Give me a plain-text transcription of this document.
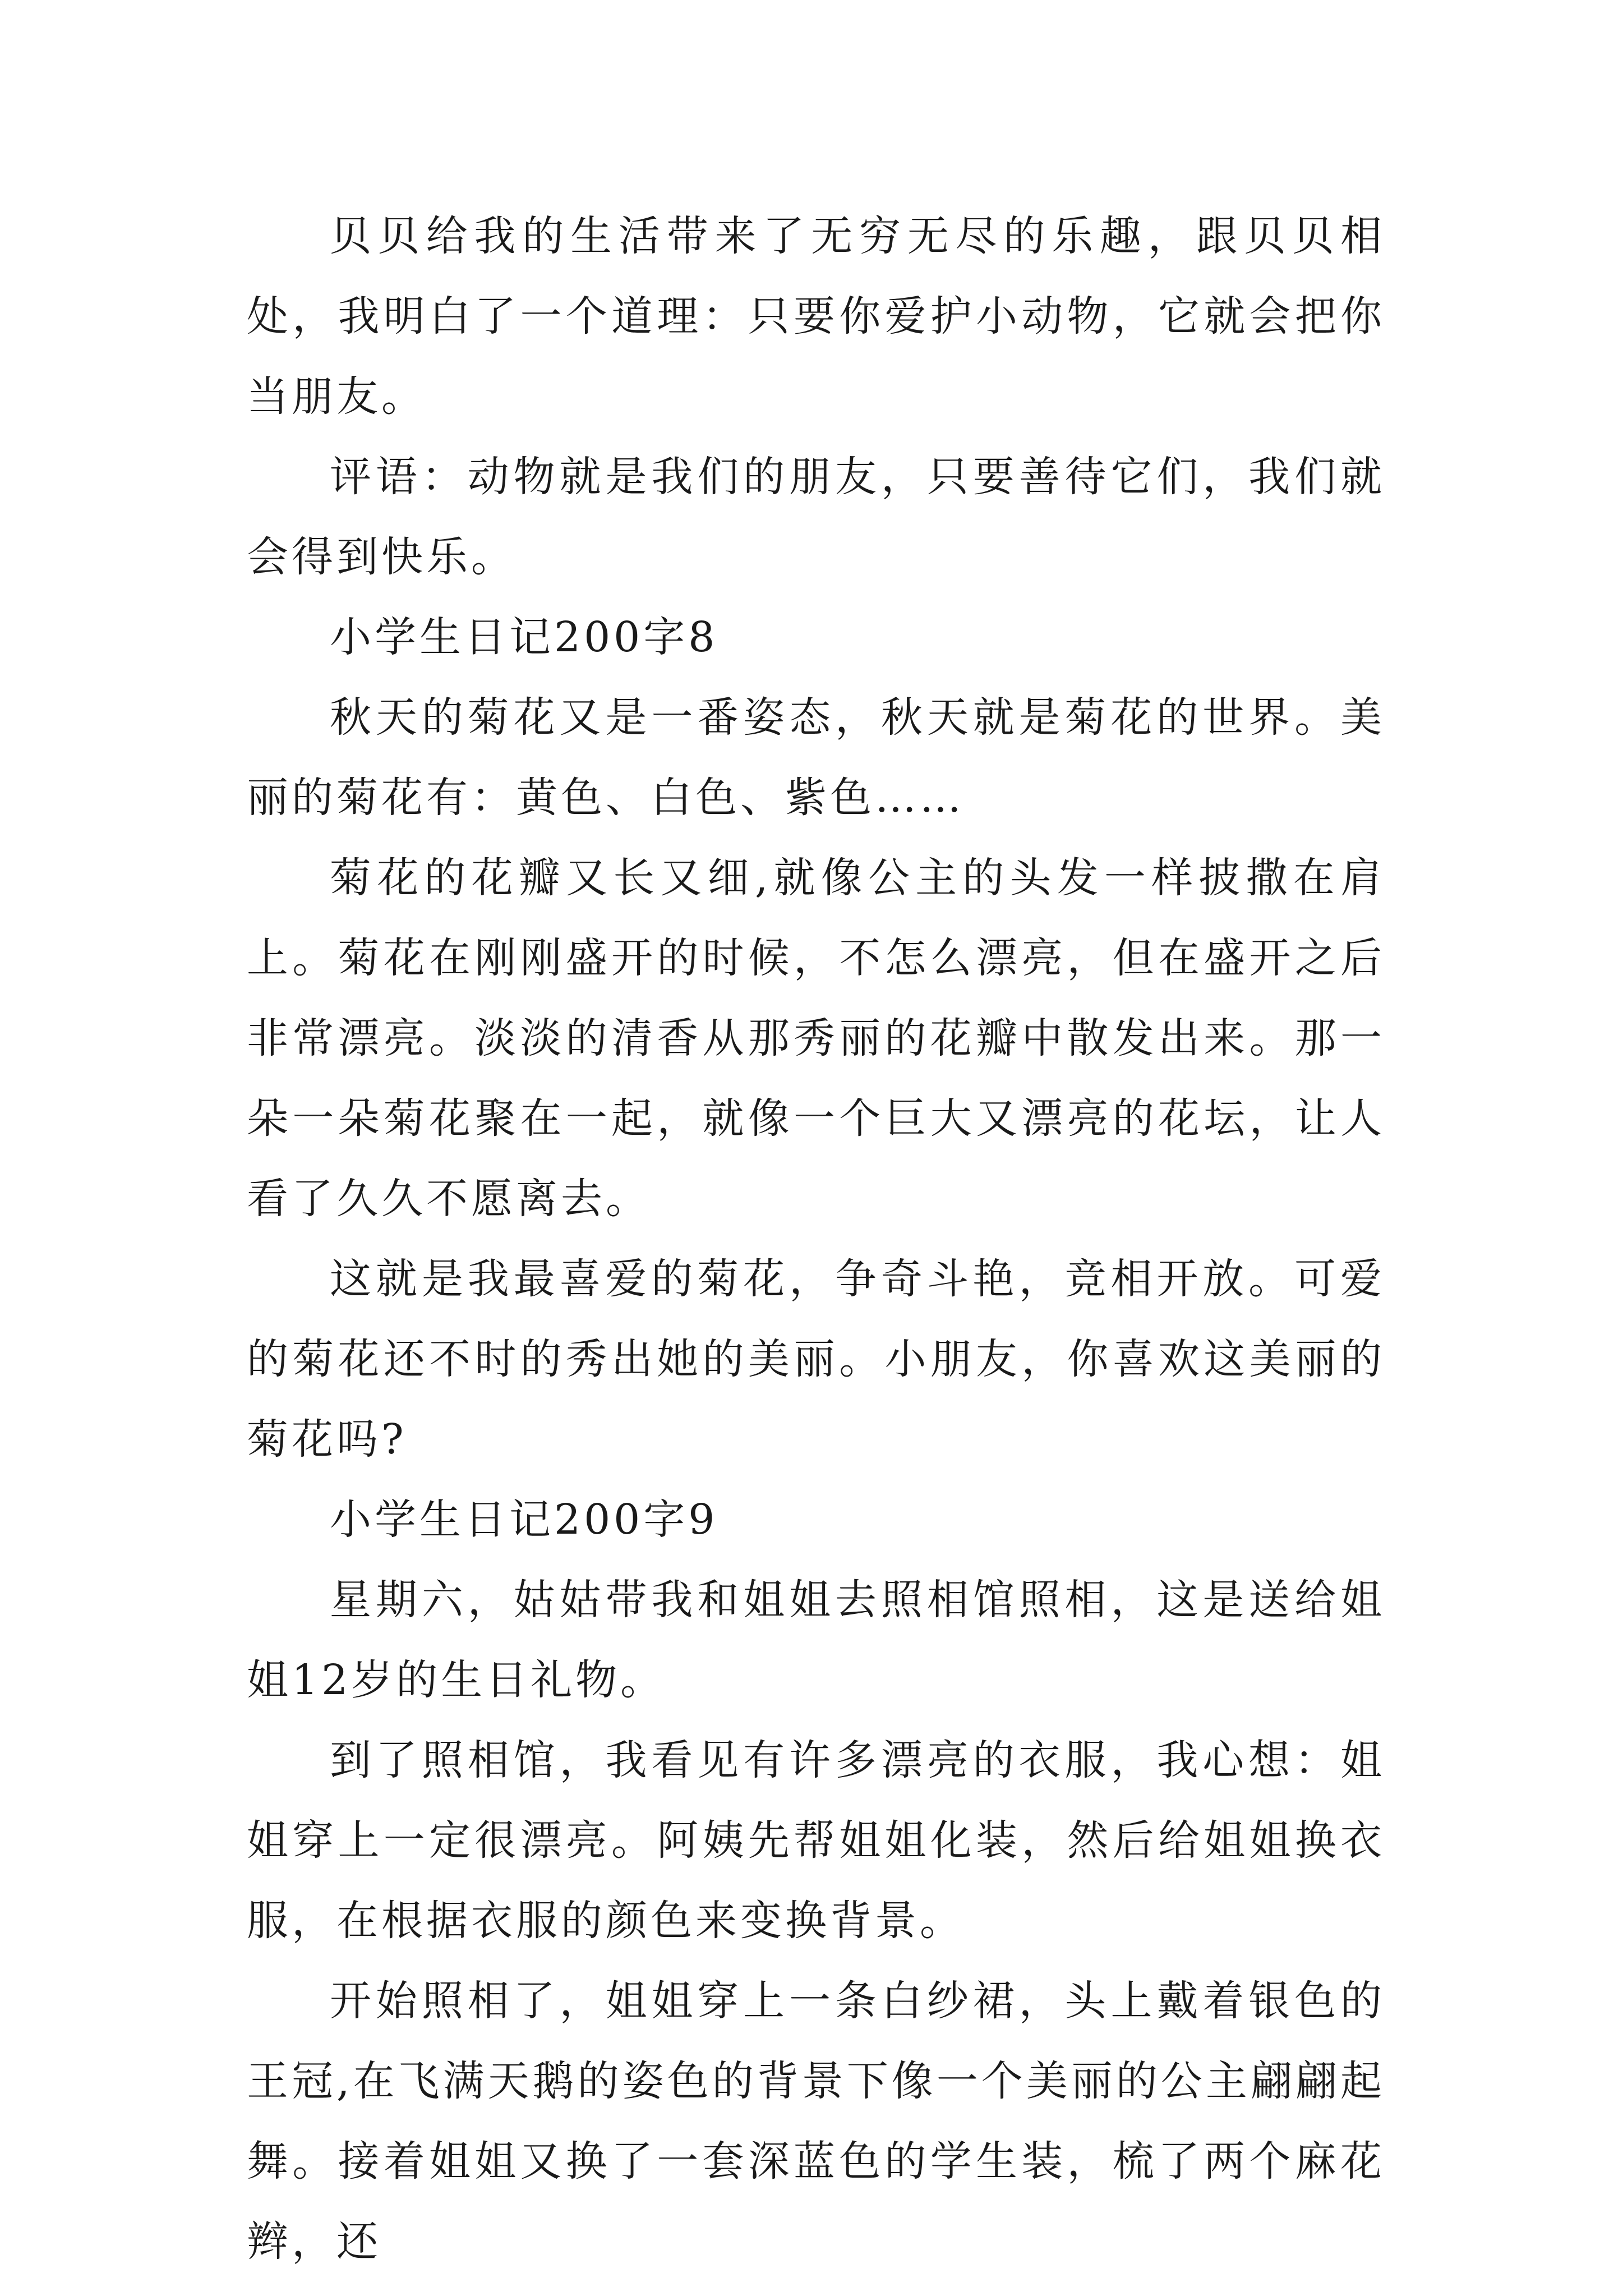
贝贝给我的生活带来了无穷无尽的乐趣，跟贝贝相处，我明白了一个道理：只要你爱护小动物，它就会把你当朋友。

评语：动物就是我们的朋友，只要善待它们，我们就会得到快乐。

小学生日记200字8

秋天的菊花又是一番姿态，秋天就是菊花的世界。美丽的菊花有：黄色、白色、紫色……

菊花的花瓣又长又细,就像公主的头发一样披撒在肩上。菊花在刚刚盛开的时候，不怎么漂亮，但在盛开之后非常漂亮。淡淡的清香从那秀丽的花瓣中散发出来。那一朵一朵菊花聚在一起，就像一个巨大又漂亮的花坛，让人看了久久不愿离去。

这就是我最喜爱的菊花，争奇斗艳，竞相开放。可爱的菊花还不时的秀出她的美丽。小朋友，你喜欢这美丽的菊花吗?

小学生日记200字9

星期六，姑姑带我和姐姐去照相馆照相，这是送给姐姐12岁的生日礼物。

到了照相馆，我看见有许多漂亮的衣服，我心想：姐姐穿上一定很漂亮。阿姨先帮姐姐化装，然后给姐姐换衣服，在根据衣服的颜色来变换背景。

开始照相了，姐姐穿上一条白纱裙，头上戴着银色的王冠,在飞满天鹅的姿色的背景下像一个美丽的公主翩翩起舞。接着姐姐又换了一套深蓝色的学生装，梳了两个麻花辫，还
